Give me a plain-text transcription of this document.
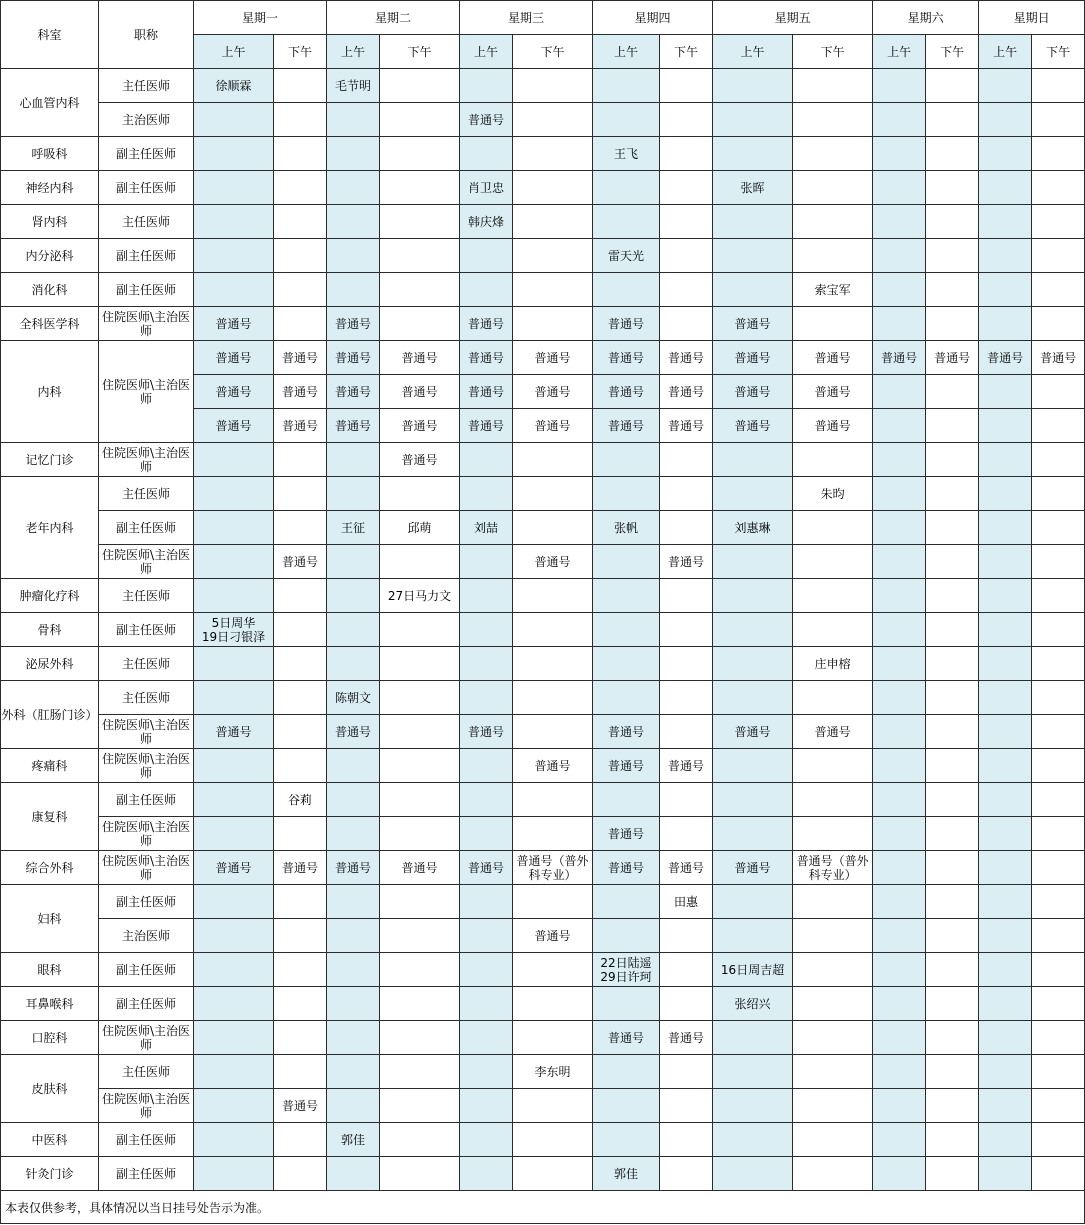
科室	职称	星期一		星期二		星期三		星期四		星期五		星期六		星期日	
		上午	下午	上午	下午	上午	下午	上午	下午	上午	下午	上午	下午	上午	下午
心血管内科	主任医师	徐顺霖		毛节明											
	主治医师					普通号									
呼吸科	副主任医师							王飞							
神经内科	副主任医师					肖卫忠				张晖					
肾内科	主任医师					韩庆烽									
内分泌科	副主任医师							雷天光							
消化科	副主任医师										索宝军				
全科医学科	住院医师\主治医师	普通号		普通号		普通号		普通号		普通号					
内科	住院医师\主治医师	普通号	普通号	普通号	普通号	普通号	普通号	普通号	普通号	普通号	普通号	普通号	普通号	普通号	普通号
		普通号	普通号	普通号	普通号	普通号	普通号	普通号	普通号	普通号	普通号				
		普通号	普通号	普通号	普通号	普通号	普通号	普通号	普通号	普通号	普通号				
记忆门诊	住院医师\主治医师				普通号										
老年内科	主任医师										朱昀				
	副主任医师			王征	邱萌	刘喆		张帆		刘惠琳					
	住院医师\主治医师		普通号				普通号		普通号						
肿瘤化疗科	主任医师				27日马力文										
骨科	副主任医师	5日周华
19日刁银泽													
泌尿外科	主任医师										庄申榕				
外科（肛肠门诊）	主任医师			陈朝文											
	住院医师\主治医师	普通号		普通号		普通号		普通号		普通号	普通号				
疼痛科	住院医师\主治医师						普通号	普通号	普通号						
康复科	副主任医师		谷莉												
	住院医师\主治医师							普通号							
综合外科	住院医师\主治医师	普通号	普通号	普通号	普通号	普通号	普通号（普外科专业）	普通号	普通号	普通号	普通号（普外科专业）				
妇科	副主任医师								田惠						
	主治医师						普通号								
眼科	副主任医师							22日陆遥
29日许珂		16日周吉超					
耳鼻喉科	副主任医师									张绍兴					
口腔科	住院医师\主治医师							普通号	普通号						
皮肤科	主任医师						李东明								
	住院医师\主治医师		普通号												
中医科	副主任医师			郭佳											
针灸门诊	副主任医师							郭佳							
本表仅供参考，具体情况以当日挂号处告示为准。
